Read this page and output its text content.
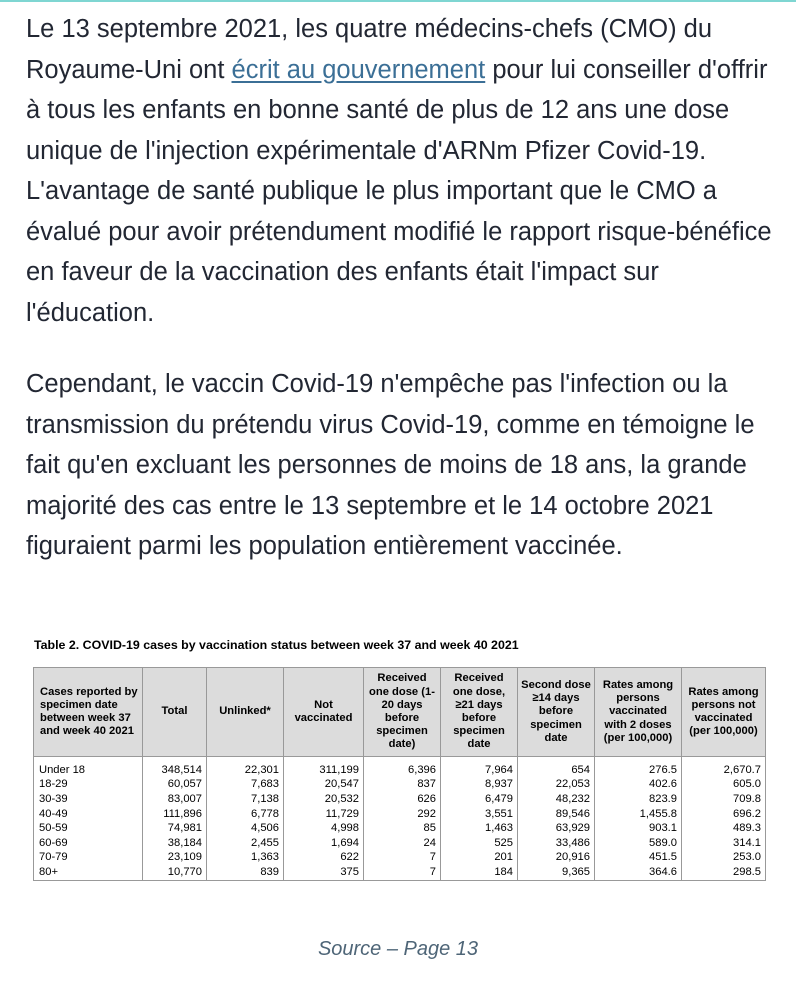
Le 13 septembre 2021, les quatre médecins-chefs (CMO) du Royaume-Uni ont écrit au gouvernement pour lui conseiller d'offrir à tous les enfants en bonne santé de plus de 12 ans une dose unique de l'injection expérimentale d'ARNm Pfizer Covid-19. L'avantage de santé publique le plus important que le CMO a évalué pour avoir prétendument modifié le rapport risque-bénéfice en faveur de la vaccination des enfants était l'impact sur l'éducation.

Cependant, le vaccin Covid-19 n'empêche pas l'infection ou la transmission du prétendu virus Covid-19, comme en témoigne le fait qu'en excluant les personnes de moins de 18 ans, la grande majorité des cas entre le 13 septembre et le 14 octobre 2021 figuraient parmi les population entièrement vaccinée.

Table 2. COVID-19 cases by vaccination status between week 37 and week 40 2021

Cases reported by specimen date between week 37 and week 40 2021	Total	Unlinked*	Not vaccinated	Received one dose (1-20 days before specimen date)	Received one dose, ≥21 days before specimen date	Second dose ≥14 days before specimen date	Rates among persons vaccinated with 2 doses (per 100,000)	Rates among persons not vaccinated (per 100,000)

Under 18	348,514	22,301	311,199	6,396	7,964	654	276.5	2,670.7
18-29	60,057	7,683	20,547	837	8,937	22,053	402.6	605.0
30-39	83,007	7,138	20,532	626	6,479	48,232	823.9	709.8
40-49	111,896	6,778	11,729	292	3,551	89,546	1,455.8	696.2
50-59	74,981	4,506	4,998	85	1,463	63,929	903.1	489.3
60-69	38,184	2,455	1,694	24	525	33,486	589.0	314.1
70-79	23,109	1,363	622	7	201	20,916	451.5	253.0
80+	10,770	839	375	7	184	9,365	364.6	298.5

Source – Page 13
